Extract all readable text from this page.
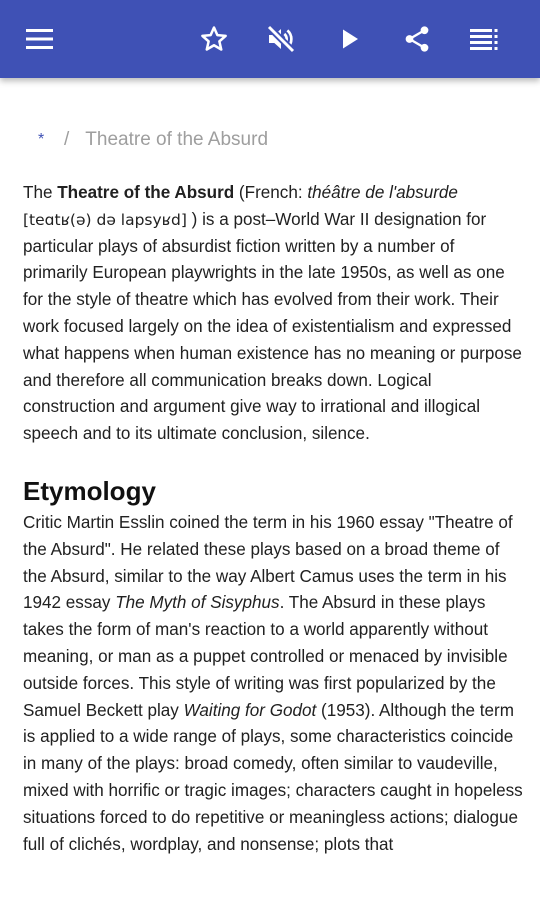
*	/ Theatre of the Absurd

The Theatre of the Absurd (French: théâtre de l'absurde [teɑtʁ(ə) də lapsyʁd] ) is a post–World War II designation for particular plays of absurdist fiction written by a number of primarily European playwrights in the late 1950s, as well as one for the style of theatre which has evolved from their work. Their work focused largely on the idea of existentialism and expressed what happens when human existence has no meaning or purpose and therefore all communication breaks down. Logical construction and argument give way to irrational and illogical speech and to its ultimate conclusion, silence.

Etymology

Critic Martin Esslin coined the term in his 1960 essay "Theatre of the Absurd". He related these plays based on a broad theme of the Absurd, similar to the way Albert Camus uses the term in his 1942 essay The Myth of Sisyphus. The Absurd in these plays takes the form of man's reaction to a world apparently without meaning, or man as a puppet controlled or menaced by invisible outside forces. This style of writing was first popularized by the Samuel Beckett play Waiting for Godot (1953). Although the term is applied to a wide range of plays, some characteristics coincide in many of the plays: broad comedy, often similar to vaudeville, mixed with horrific or tragic images; characters caught in hopeless situations forced to do repetitive or meaningless actions; dialogue full of clichés, wordplay, and nonsense; plots that
